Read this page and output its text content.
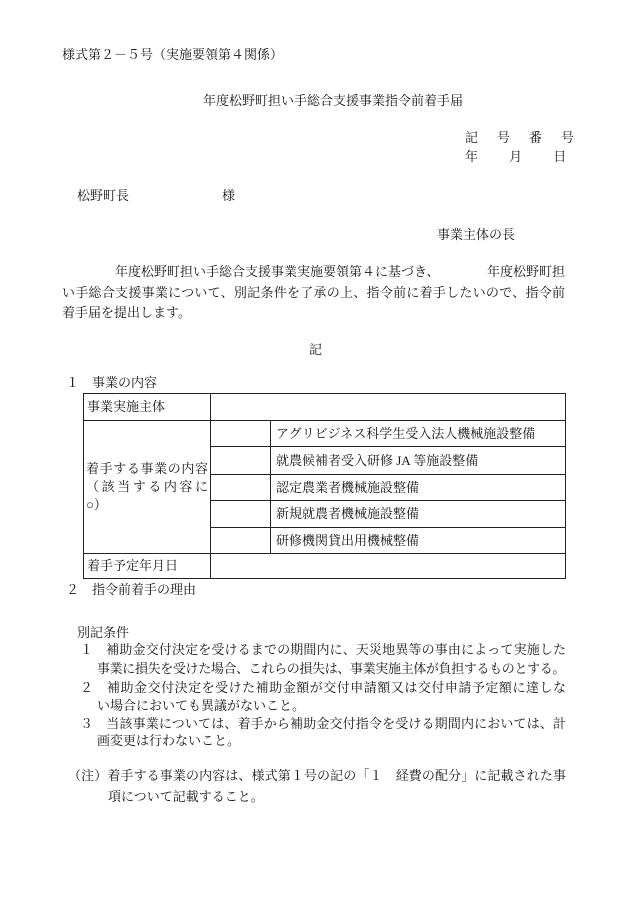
様式第２－５号（実施要領第４関係）
年度松野町担い手総合支援事業指令前着手届
記　号　番　号
年　　月　　日
松野町長	様
事業主体の長
年度松野町担い手総合支援事業実施要領第４に基づき、	年度松野町担
い手総合支援事業について、別記条件を了承の上、指令前に着手したいので、指令前
着手届を提出します。
記
１　事業の内容
事業実施主体		

着手する事業の内容
（該当する内容に
○）		アグリビジネス科学生受入法人機械施設整備
		就農候補者受入研修 JA 等施設整備
		認定農業者機械施設整備
		新規就農者機械施設整備
		研修機関貸出用機械整備
着手予定年月日		
２　指令前着手の理由
別記条件
１　補助金交付決定を受けるまでの期間内に、天災地異等の事由によって実施した
事業に損失を受けた場合、これらの損失は、事業実施主体が負担するものとする。
２　補助金交付決定を受けた補助金額が交付申請額又は交付申請予定額に達しな
い場合においても異議がないこと。
３　当該事業については、着手から補助金交付指令を受ける期間内においては、計
画変更は行わないこと。
（注）着手する事業の内容は、様式第１号の記の「１　経費の配分」に記載された事
項について記載すること。
